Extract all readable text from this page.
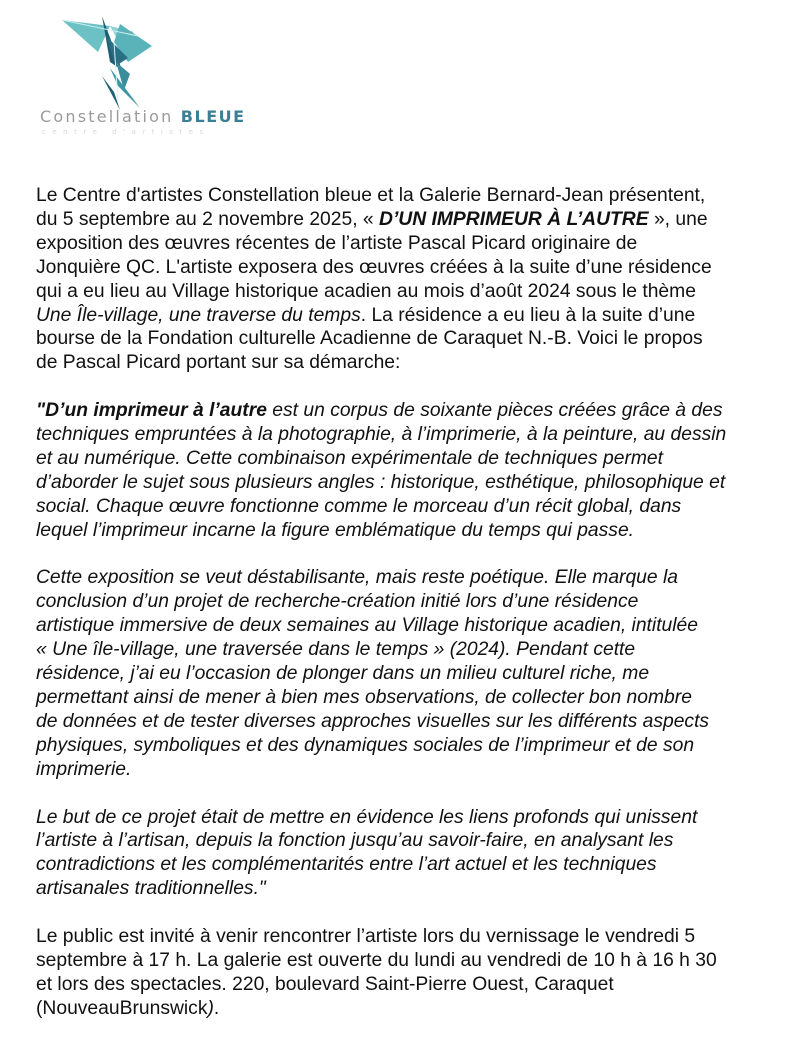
Constellation BLEUE
centre d'artistes

Le Centre d'artistes Constellation bleue et la Galerie Bernard-Jean présentent,
du 5 septembre au 2 novembre 2025, « D’UN IMPRIMEUR À L’AUTRE », une
exposition des œuvres récentes de l’artiste Pascal Picard originaire de
Jonquière QC. L'artiste exposera des œuvres créées à la suite d’une résidence
qui a eu lieu au Village historique acadien au mois d’août 2024 sous le thème
Une Île-village, une traverse du temps. La résidence a eu lieu à la suite d’une
bourse de la Fondation culturelle Acadienne de Caraquet N.-B. Voici le propos
de Pascal Picard portant sur sa démarche:

"D’un imprimeur à l’autre est un corpus de soixante pièces créées grâce à des
techniques empruntées à la photographie, à l’imprimerie, à la peinture, au dessin
et au numérique. Cette combinaison expérimentale de techniques permet
d’aborder le sujet sous plusieurs angles : historique, esthétique, philosophique et
social. Chaque œuvre fonctionne comme le morceau d’un récit global, dans
lequel l’imprimeur incarne la figure emblématique du temps qui passe.

Cette exposition se veut déstabilisante, mais reste poétique. Elle marque la
conclusion d’un projet de recherche-création initié lors d’une résidence
artistique immersive de deux semaines au Village historique acadien, intitulée
« Une île-village, une traversée dans le temps » (2024). Pendant cette
résidence, j’ai eu l’occasion de plonger dans un milieu culturel riche, me
permettant ainsi de mener à bien mes observations, de collecter bon nombre
de données et de tester diverses approches visuelles sur les différents aspects
physiques, symboliques et des dynamiques sociales de l’imprimeur et de son
imprimerie.

Le but de ce projet était de mettre en évidence les liens profonds qui unissent
l’artiste à l’artisan, depuis la fonction jusqu’au savoir-faire, en analysant les
contradictions et les complémentarités entre l’art actuel et les techniques
artisanales traditionnelles."

Le public est invité à venir rencontrer l’artiste lors du vernissage le vendredi 5
septembre à 17 h. La galerie est ouverte du lundi au vendredi de 10 h à 16 h 30
et lors des spectacles. 220, boulevard Saint-Pierre Ouest, Caraquet
(NouveauBrunswick).
